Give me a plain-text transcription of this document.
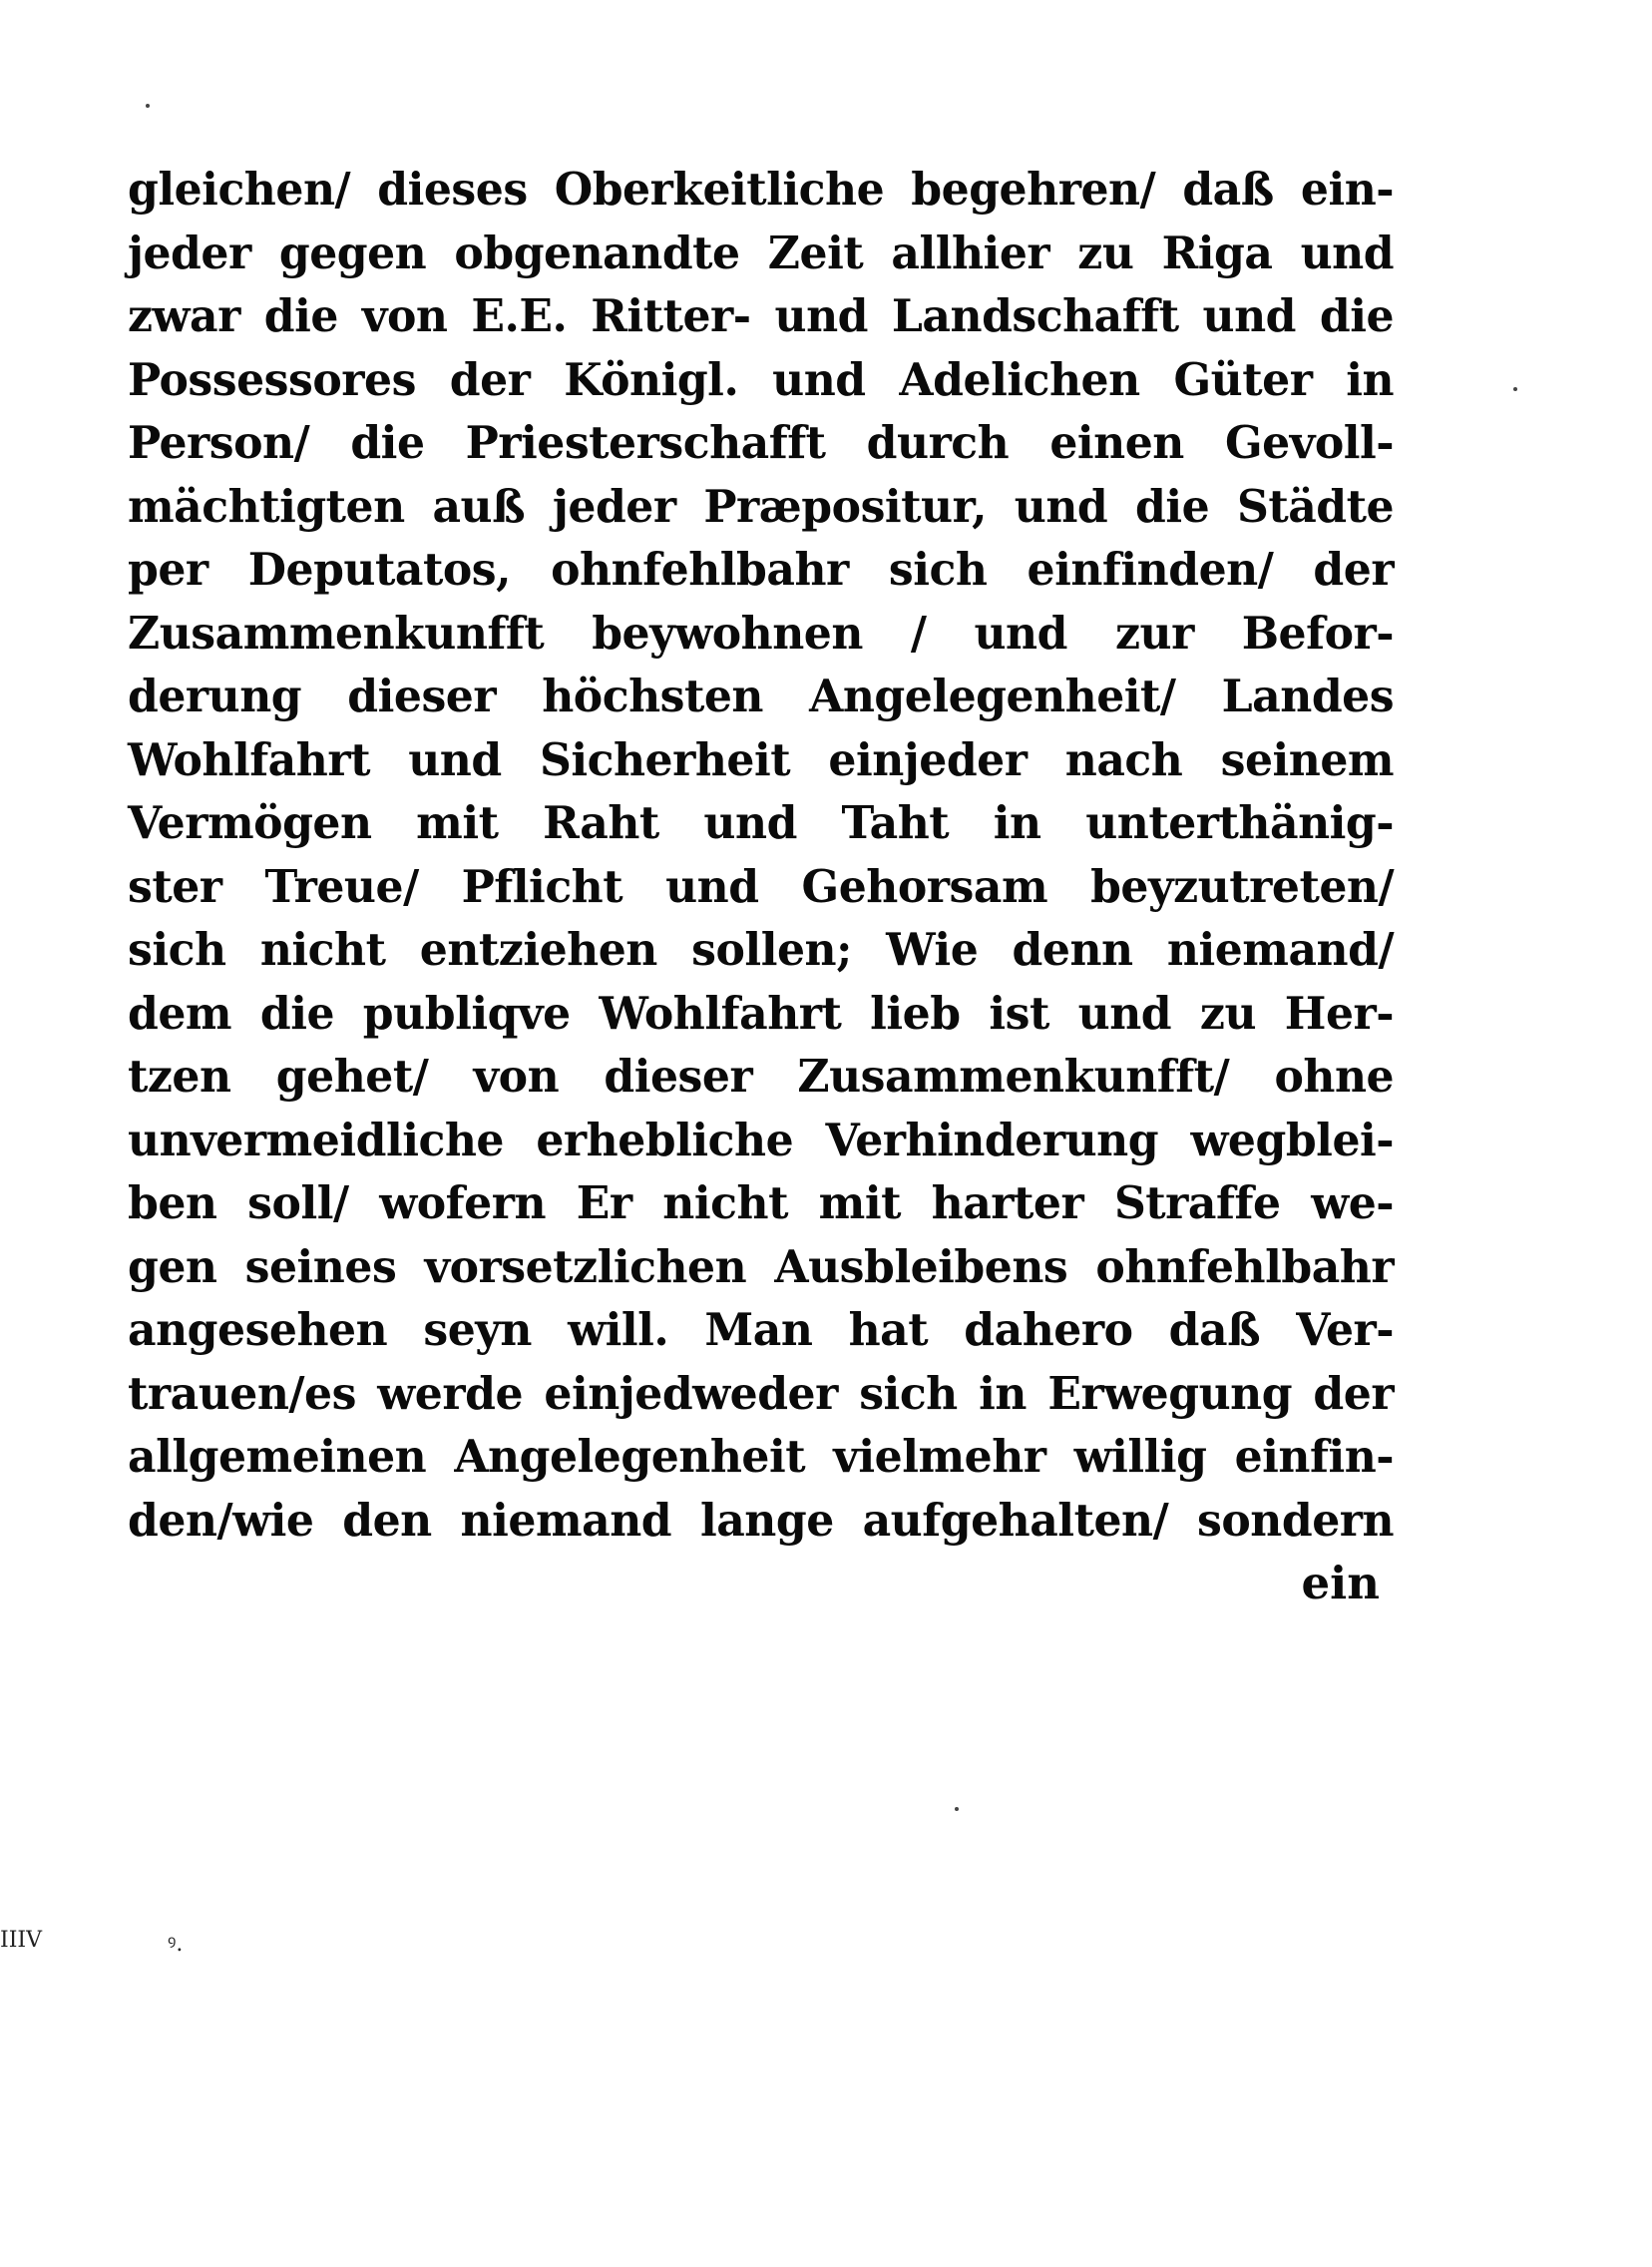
gleichen/ dieses Oberkeitliche begehren/ daß ein-
jeder gegen obgenandte Zeit allhier zu Riga und
zwar die von E.E. Ritter- und Landschafft und die
Possessores der Königl. und Adelichen Güter in
Person/ die Priesterschafft durch einen Gevoll-
mächtigten auß jeder Præpositur, und die Städte
per Deputatos, ohnfehlbahr sich einfinden/ der
Zusammenkunfft beywohnen / und zur Befor-
derung dieser höchsten Angelegenheit/ Landes
Wohlfahrt und Sicherheit einjeder nach seinem
Vermögen mit Raht und Taht in unterthänig-
ster Treue/ Pflicht und Gehorsam beyzutreten/
sich nicht entziehen sollen; Wie denn niemand/
dem die publiqve Wohlfahrt lieb ist und zu Her-
tzen gehet/ von dieser Zusammenkunfft/ ohne
unvermeidliche erhebliche Verhinderung wegblei-
ben soll/ wofern Er nicht mit harter Straffe we-
gen seines vorsetzlichen Ausbleibens ohnfehlbahr
angesehen seyn will. Man hat dahero daß Ver-
trauen/es werde einjedweder sich in Erwegung der
allgemeinen Angelegenheit vielmehr willig einfin-
den/wie den niemand lange aufgehalten/ sondern
ein
IIIV	ꝰ.
